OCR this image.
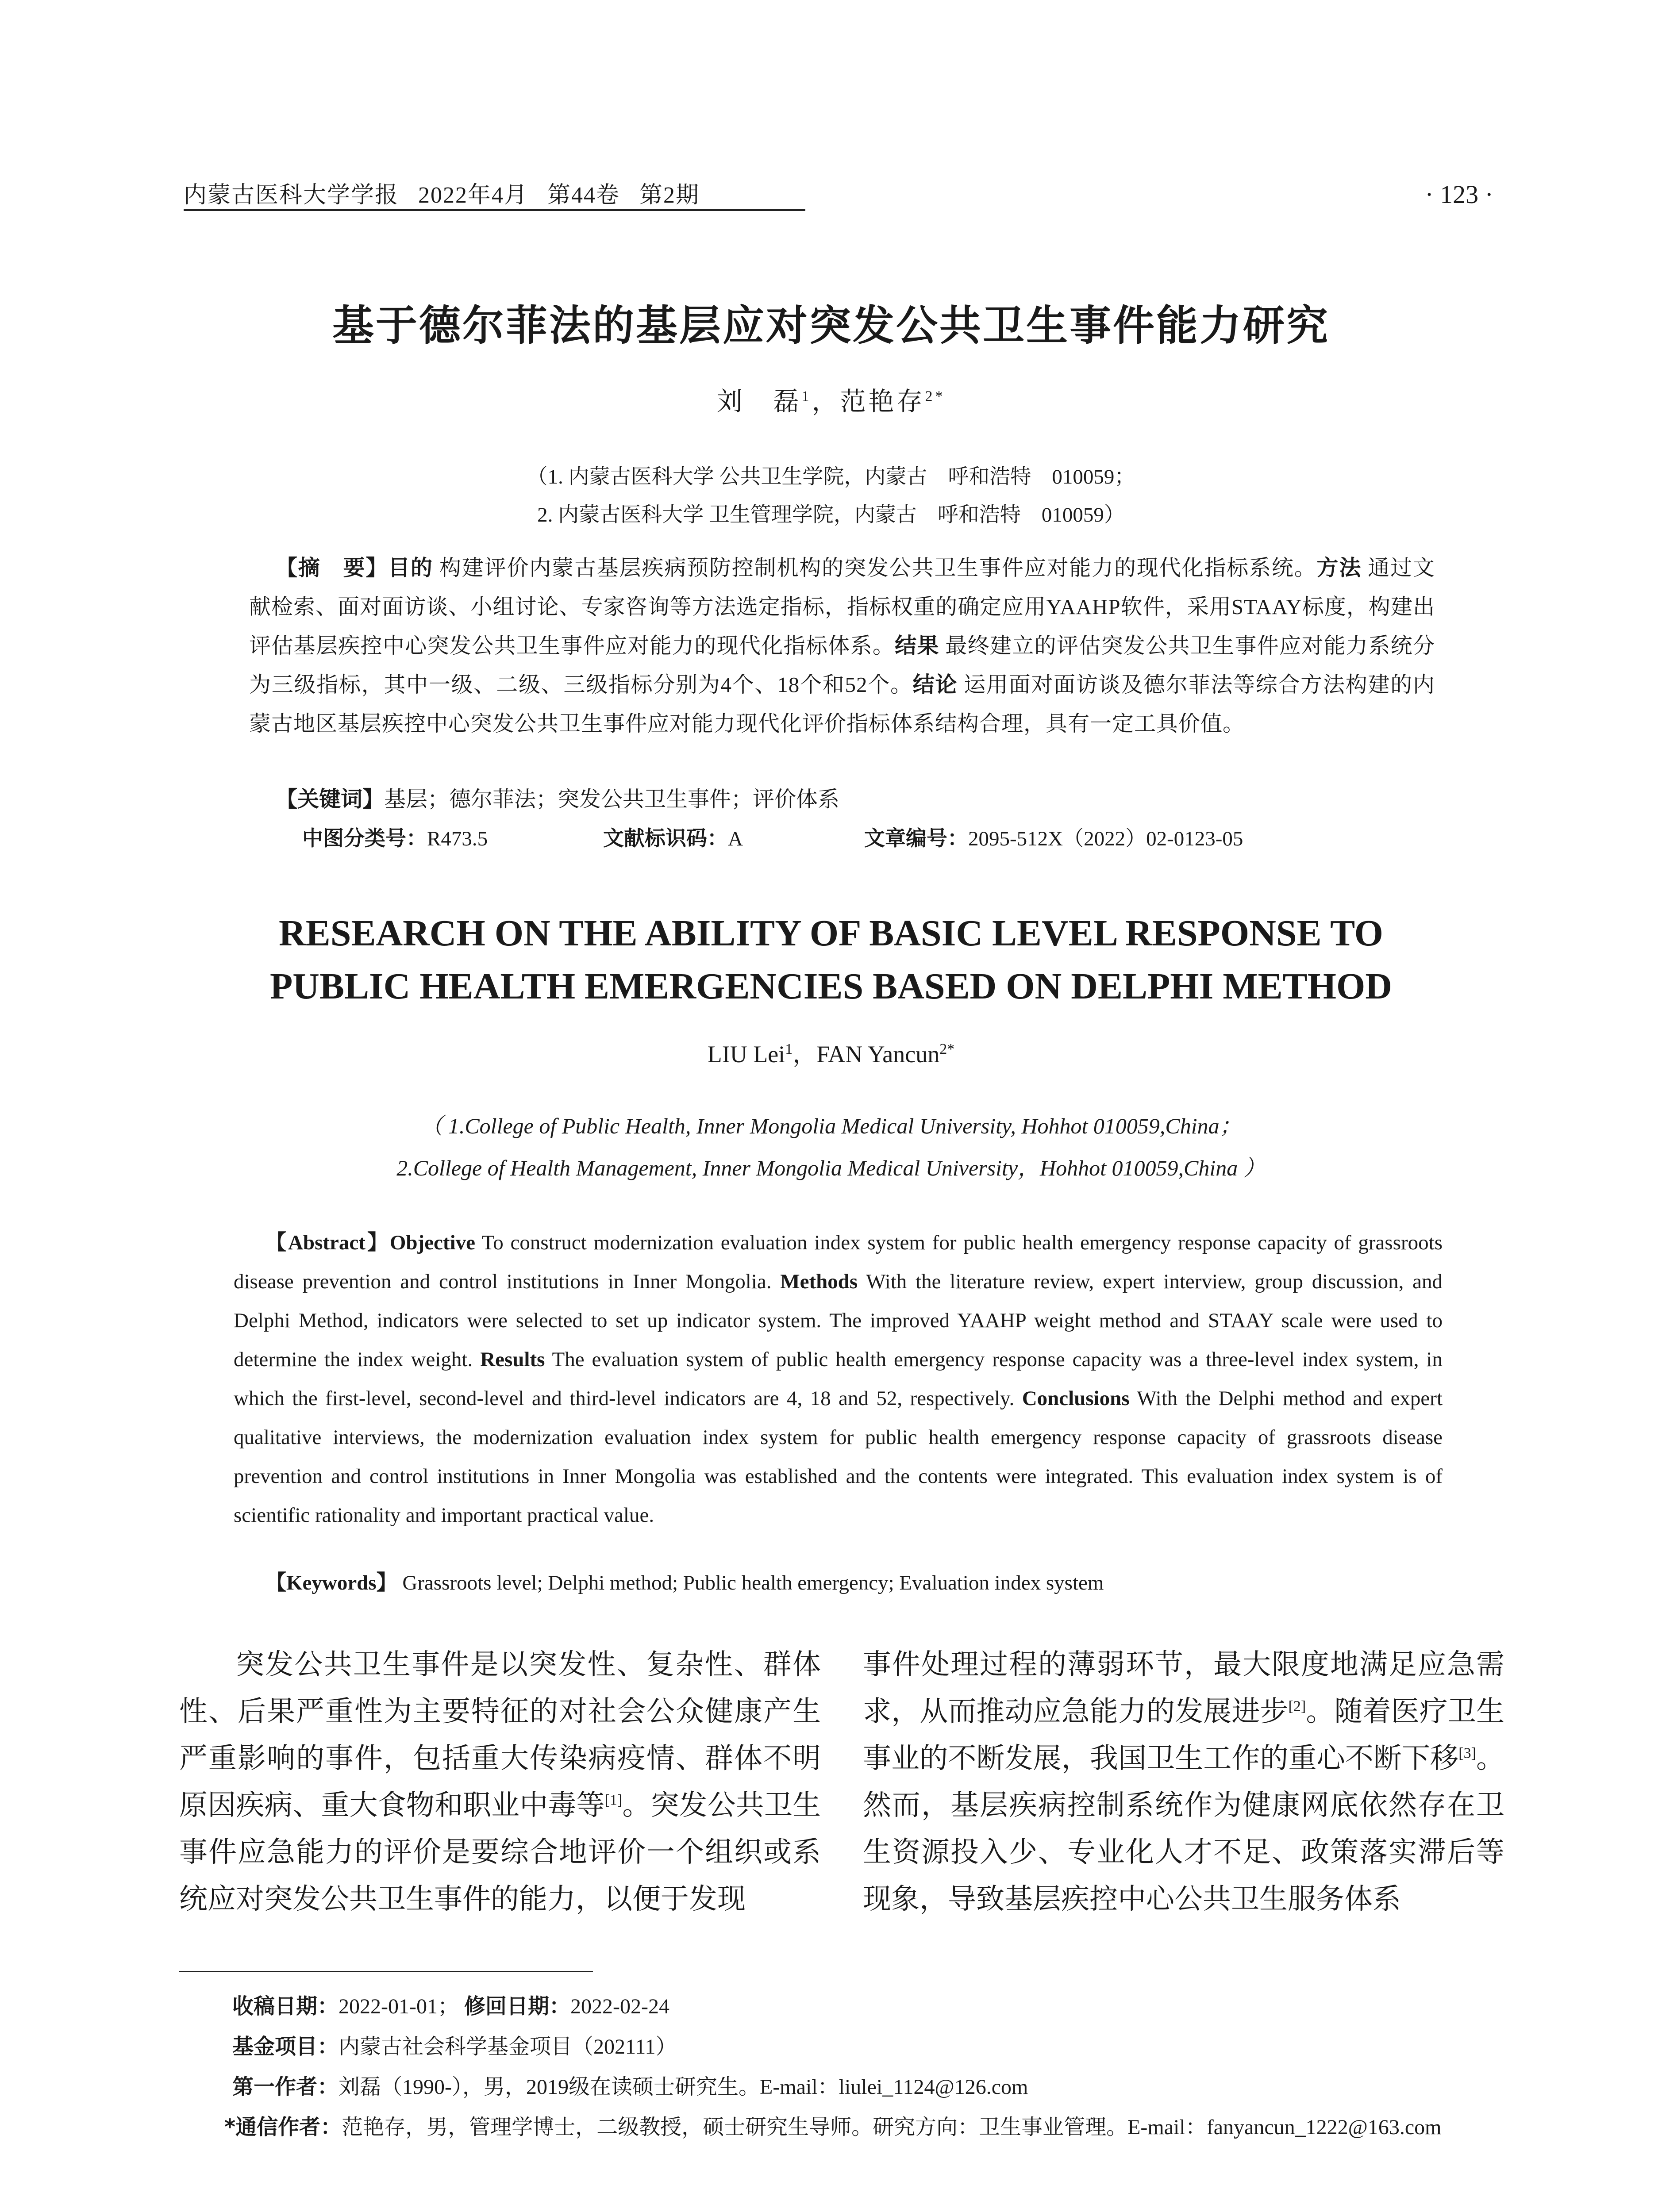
内蒙古医科大学学报 2022年4月 第44卷 第2期	· 123 ·
基于德尔菲法的基层应对突发公共卫生事件能力研究
刘　磊$^1$，范艳存$^{2*}$
（1. 内蒙古医科大学 公共卫生学院，内蒙古　呼和浩特　010059；
2. 内蒙古医科大学 卫生管理学院，内蒙古　呼和浩特　010059）

【摘　要】目的 构建评价内蒙古基层疾病预防控制机构的突发公共卫生事件应对能力的现代化指标系统。方法 通过文献检索、面对面访谈、小组讨论、专家咨询等方法选定指标，指标权重的确定应用YAAHP软件，采用STAAY标度，构建出评估基层疾控中心突发公共卫生事件应对能力的现代化指标体系。结果 最终建立的评估突发公共卫生事件应对能力系统分为三级指标，其中一级、二级、三级指标分别为4个、18个和52个。结论 运用面对面访谈及德尔菲法等综合方法构建的内蒙古地区基层疾控中心突发公共卫生事件应对能力现代化评价指标体系结构合理，具有一定工具价值。

【关键词】基层；德尔菲法；突发公共卫生事件；评价体系
中图分类号：R473.5	文献标识码：A	文章编号：2095-512X（2022）02-0123-05
RESEARCH ON THE ABILITY OF BASIC LEVEL RESPONSE TO
PUBLIC HEALTH EMERGENCIES BASED ON DELPHI METHOD
LIU Lei$^1$，FAN Yancun$^{2*}$
（ 1.College of Public Health, Inner Mongolia Medical University, Hohhot 010059,China；
2.College of Health Management, Inner Mongolia Medical University，Hohhot 010059,China ）

【Abstract】Objective To construct modernization evaluation index system for public health emergency response capacity of grassroots disease prevention and control institutions in Inner Mongolia. Methods With the literature review, expert interview, group discussion, and Delphi Method, indicators were selected to set up indicator system. The improved YAAHP weight method and STAAY scale were used to determine the index weight. Results The evaluation system of public health emergency response capacity was a three-level index system, in which the first-level, second-level and third-level indicators are 4, 18 and 52, respectively. Conclusions With the Delphi method and expert qualitative interviews, the modernization evaluation index system for public health emergency response capacity of grassroots disease prevention and control institutions in Inner Mongolia was established and the contents were integrated. This evaluation index system is of scientific rationality and important practical value.

【Keywords】 Grassroots level; Delphi method; Public health emergency; Evaluation index system

突发公共卫生事件是以突发性、复杂性、群体性、后果严重性为主要特征的对社会公众健康产生严重影响的事件，包括重大传染病疫情、群体不明原因疾病、重大食物和职业中毒等[1]。突发公共卫生事件应急能力的评价是要综合地评价一个组织或系统应对突发公共卫生事件的能力，以便于发现

事件处理过程的薄弱环节，最大限度地满足应急需求，从而推动应急能力的发展进步[2]。随着医疗卫生事业的不断发展，我国卫生工作的重心不断下移[3]。然而，基层疾病控制系统作为健康网底依然存在卫生资源投入少、专业化人才不足、政策落实滞后等现象，导致基层疾控中心公共卫生服务体系

收稿日期：2022-01-01； 修回日期：2022-02-24
基金项目：内蒙古社会科学基金项目（202111）
第一作者：刘磊（1990-），男，2019级在读硕士研究生。E-mail：liulei_1124@126.com
*通信作者：范艳存，男，管理学博士，二级教授，硕士研究生导师。研究方向：卫生事业管理。E-mail：fanyancun_1222@163.com
